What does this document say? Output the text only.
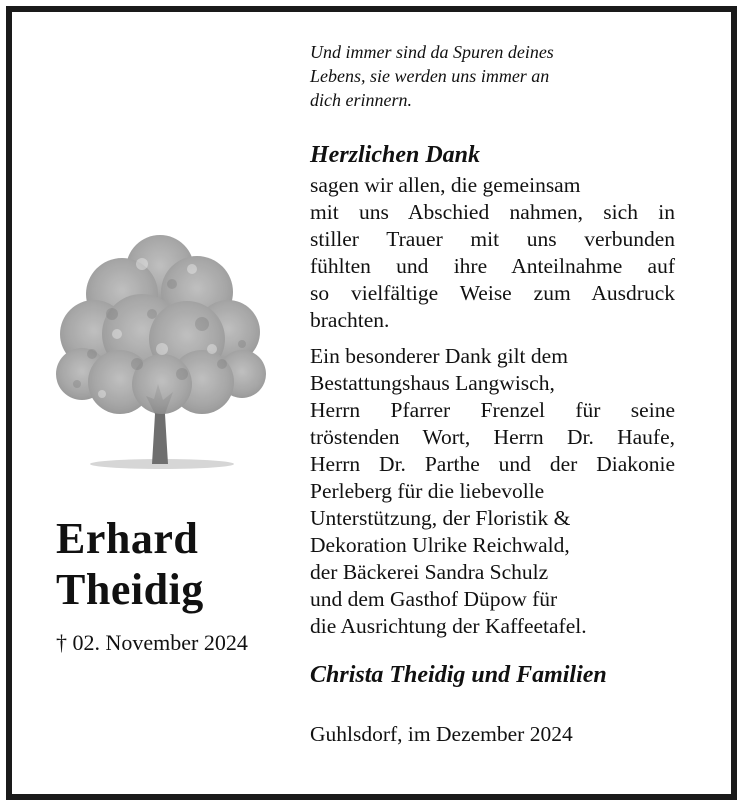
Erhard
Theidig
† 02. November 2024
Und immer sind da Spuren deines
Lebens, sie werden uns immer an
dich erinnern.
Herzlichen Dank
sagen wir allen, die gemeinsam
mit uns Abschied nahmen, sich in
stiller Trauer mit uns verbunden
fühlten und ihre Anteilnahme auf
so vielfältige Weise zum Ausdruck
brachten.
Ein besonderer Dank gilt dem
Bestattungshaus Langwisch,
Herrn Pfarrer Frenzel für seine
tröstenden Wort, Herrn Dr. Haufe,
Herrn Dr. Parthe und der Diakonie
Perleberg für die liebevolle
Unterstützung, der Floristik &
Dekoration Ulrike Reichwald,
der Bäckerei Sandra Schulz
und dem Gasthof Düpow für
die Ausrichtung der Kaffeetafel.
Christa Theidig und Familien
Guhlsdorf, im Dezember 2024
